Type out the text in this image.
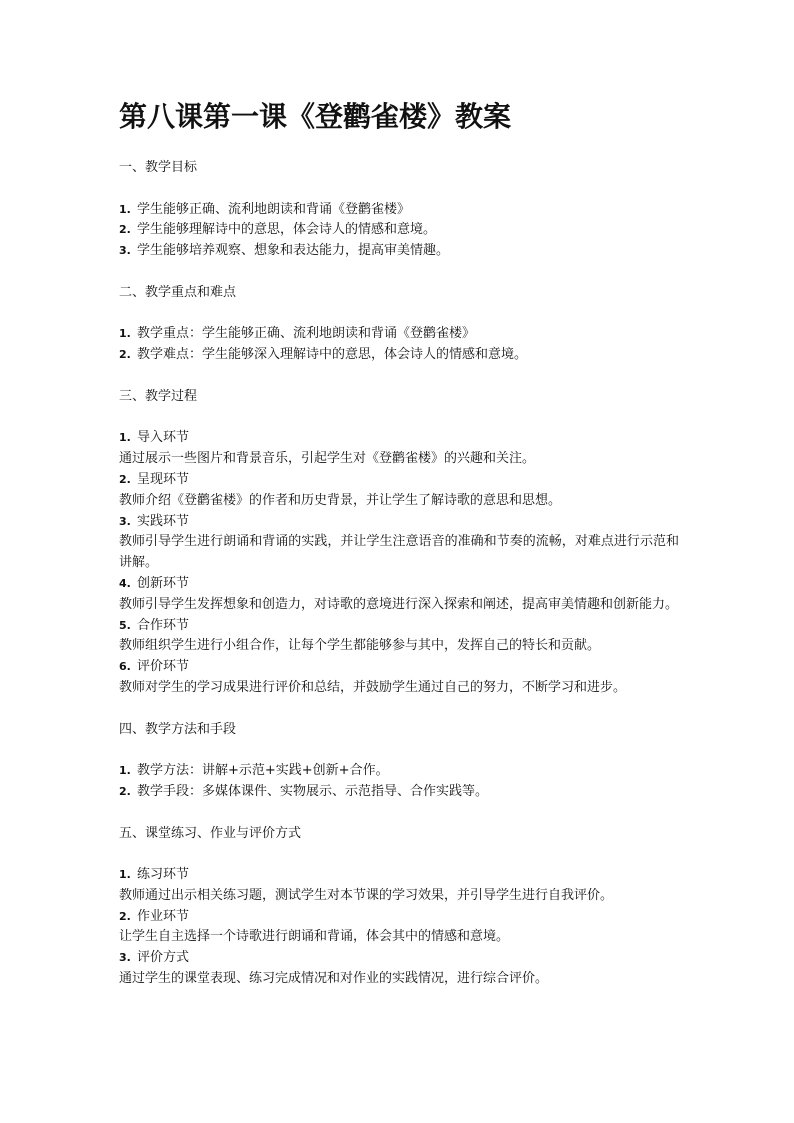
第八课第一课《登鹳雀楼》教案

一、教学目标

1. 学生能够正确、流利地朗读和背诵《登鹳雀楼》

2. 学生能够理解诗中的意思，体会诗人的情感和意境。

3. 学生能够培养观察、想象和表达能力，提高审美情趣。

二、教学重点和难点

1. 教学重点：学生能够正确、流利地朗读和背诵《登鹳雀楼》

2. 教学难点：学生能够深入理解诗中的意思，体会诗人的情感和意境。

三、教学过程

1. 导入环节

通过展示一些图片和背景音乐，引起学生对《登鹳雀楼》的兴趣和关注。

2. 呈现环节

教师介绍《登鹳雀楼》的作者和历史背景，并让学生了解诗歌的意思和思想。

3. 实践环节

教师引导学生进行朗诵和背诵的实践，并让学生注意语音的准确和节奏的流畅，对难点进行示范和讲解。

4. 创新环节

教师引导学生发挥想象和创造力，对诗歌的意境进行深入探索和阐述，提高审美情趣和创新能力。

5. 合作环节

教师组织学生进行小组合作，让每个学生都能够参与其中，发挥自己的特长和贡献。

6. 评价环节

教师对学生的学习成果进行评价和总结，并鼓励学生通过自己的努力，不断学习和进步。

四、教学方法和手段

1. 教学方法：讲解+示范+实践+创新+合作。

2. 教学手段：多媒体课件、实物展示、示范指导、合作实践等。

五、课堂练习、作业与评价方式

1. 练习环节

教师通过出示相关练习题，测试学生对本节课的学习效果，并引导学生进行自我评价。

2. 作业环节

让学生自主选择一个诗歌进行朗诵和背诵，体会其中的情感和意境。

3. 评价方式

通过学生的课堂表现、练习完成情况和对作业的实践情况，进行综合评价。
